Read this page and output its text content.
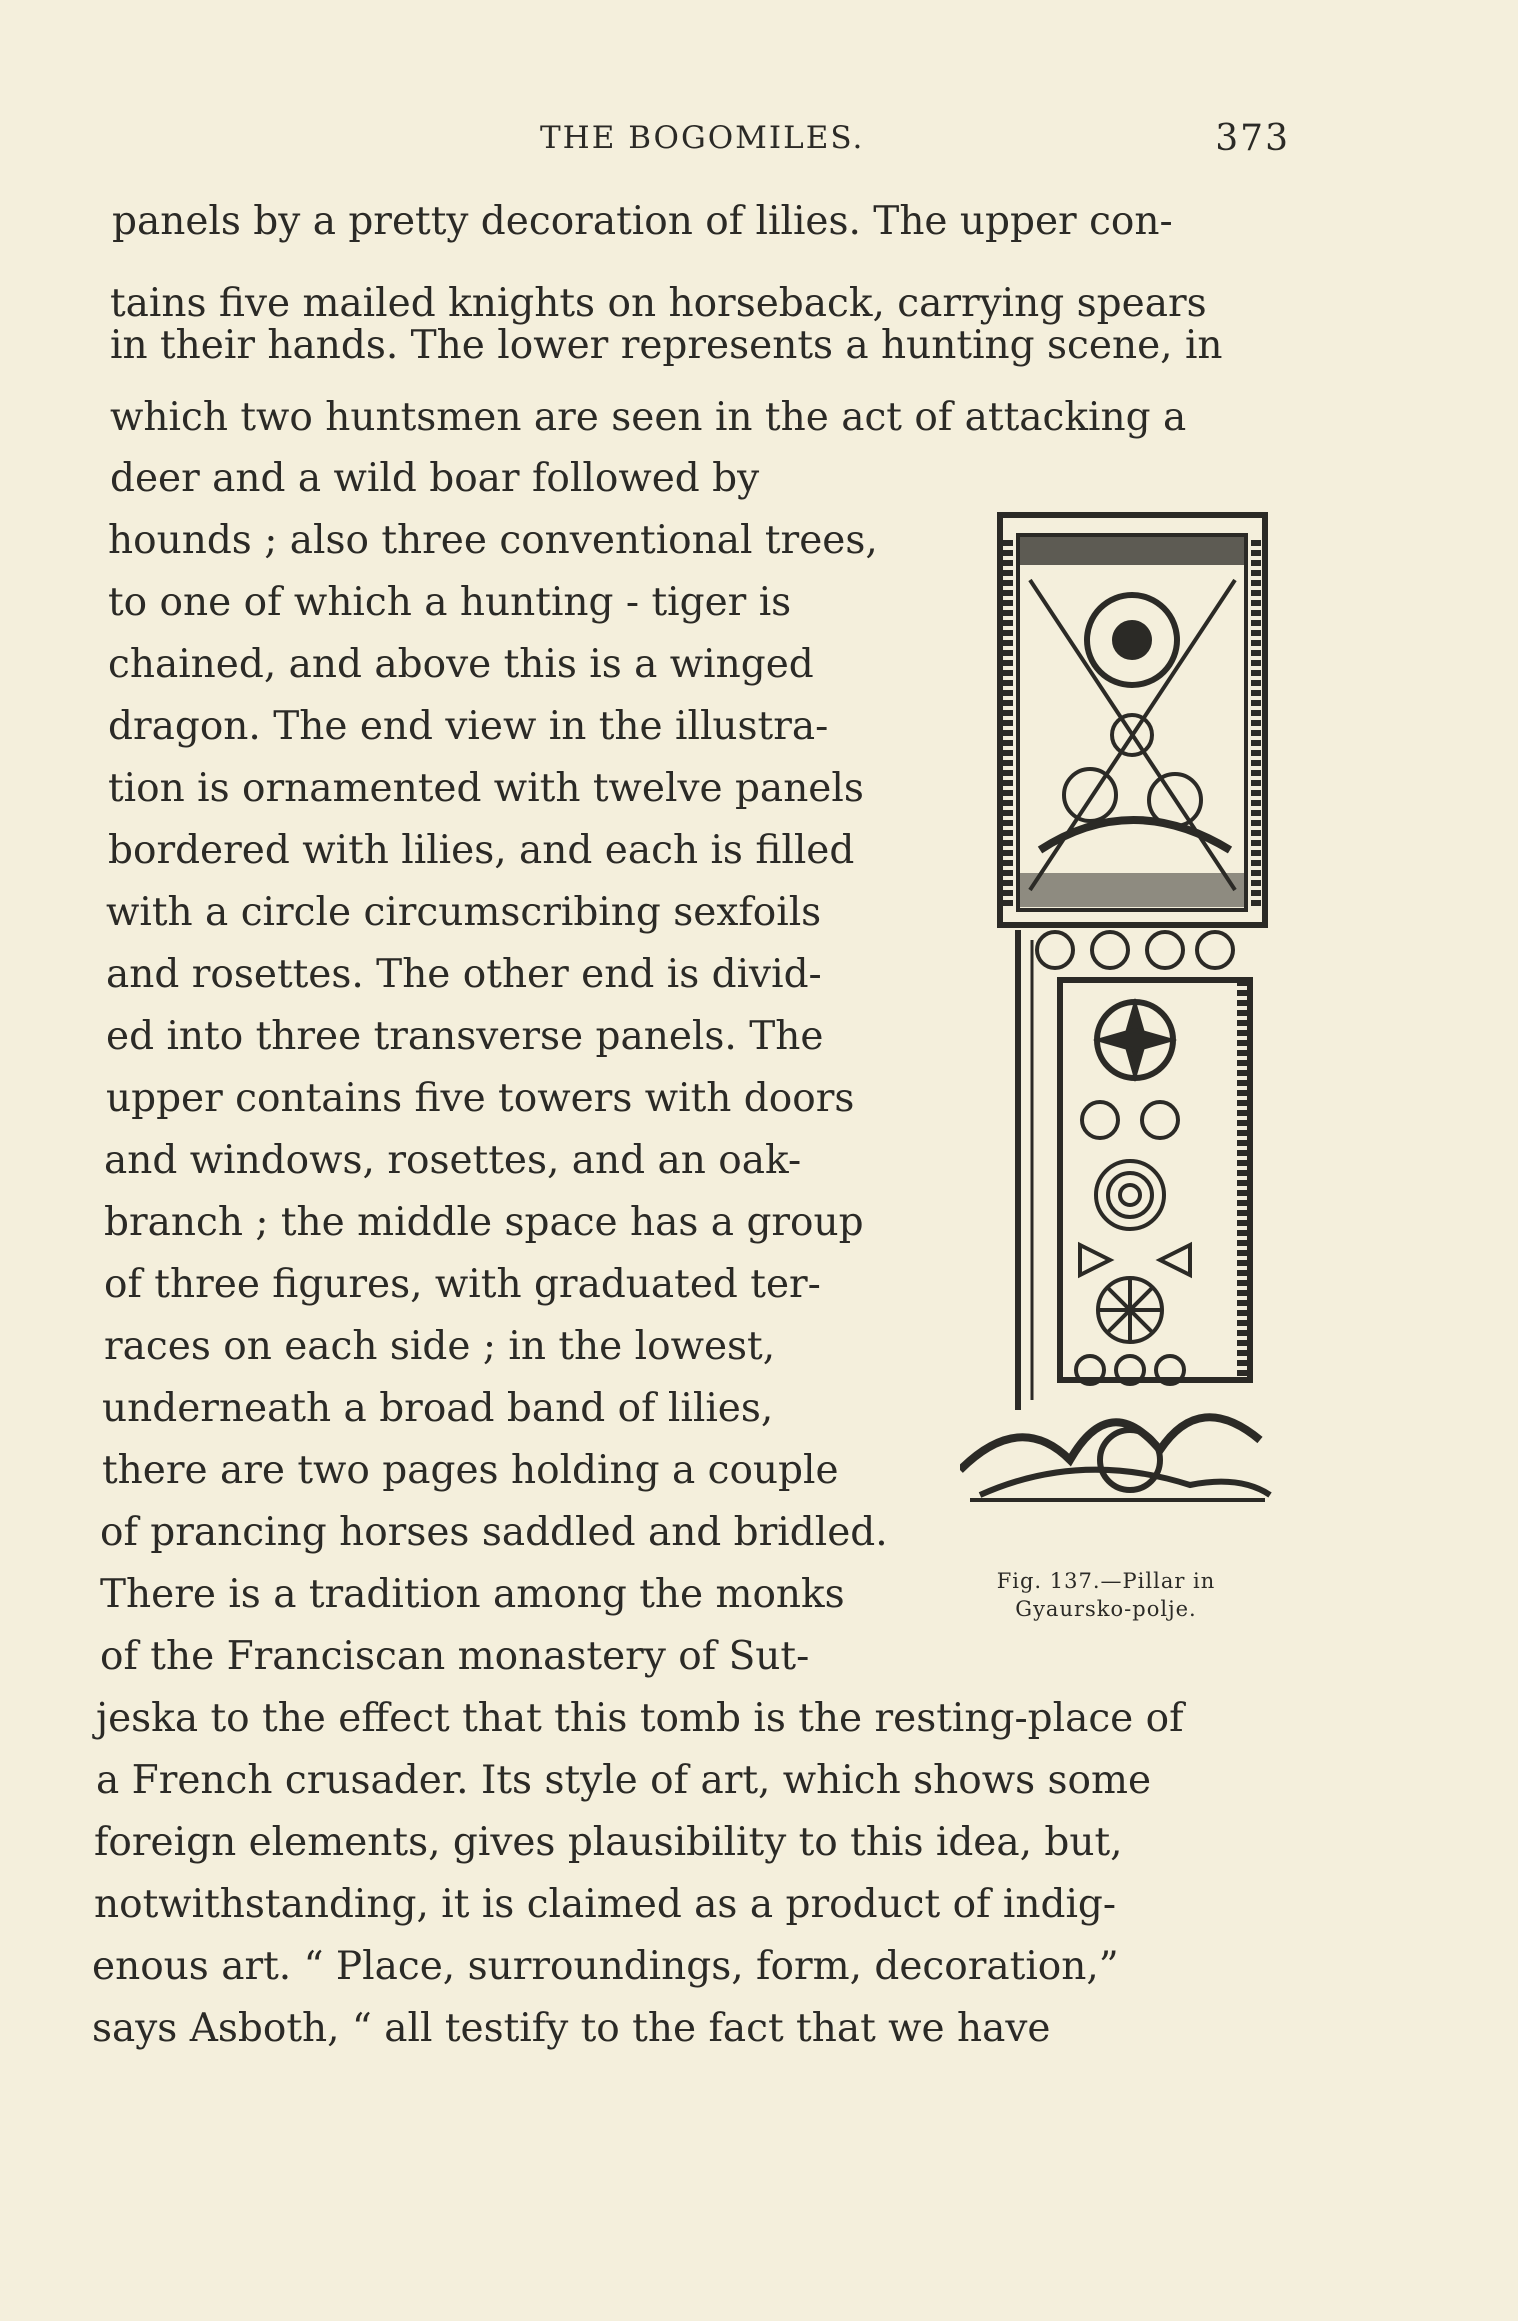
THE BOGOMILES.	373
panels by a pretty decoration of lilies. The upper con-
tains five mailed knights on horseback, carrying spears
in their hands. The lower represents a hunting scene, in
which two huntsmen are seen in the act of attacking a
deer and a wild boar followed by
hounds ; also three conventional trees,
to one of which a hunting - tiger is
chained, and above this is a winged
dragon. The end view in the illustra-
tion is ornamented with twelve panels
bordered with lilies, and each is filled
with a circle circumscribing sexfoils
and rosettes. The other end is divid-
ed into three transverse panels. The
upper contains five towers with doors
and windows, rosettes, and an oak-
branch ; the middle space has a group
of three figures, with graduated ter-
races on each side ; in the lowest,
underneath a broad band of lilies,
there are two pages holding a couple
of prancing horses saddled and bridled.
There is a tradition among the monks
of the Franciscan monastery of Sut-
jeska to the effect that this tomb is the resting-place of
a French crusader. Its style of art, which shows some
foreign elements, gives plausibility to this idea, but,
notwithstanding, it is claimed as a product of indig-
enous art. “ Place, surroundings, form, decoration,”
says Asboth, “ all testify to the fact that we have
Fig. 137.—Pillar in
Gyaursko-polje.
